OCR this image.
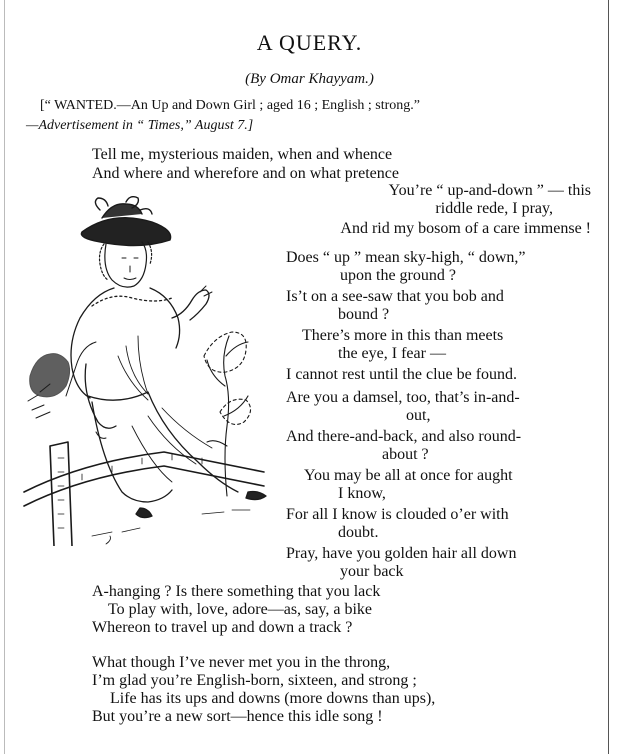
A QUERY.
(By Omar Khayyam.)
[“ WANTED.—An Up and Down Girl ; aged 16 ; English ; strong.”
—Advertisement in “ Times,” August 7.]
Tell me, mysterious maiden, when and whence
And where and wherefore and on what pretence
You’re “ up-and-down ” — this
riddle rede, I pray,
And rid my bosom of a care immense !
Does “ up ” mean sky-high, “ down,”
upon the ground ?
Is’t on a see-saw that you bob and
bound ?
There’s more in this than meets
the eye, I fear —
I cannot rest until the clue be found.
Are you a damsel, too, that’s in-and-
out,
And there-and-back, and also round-
about ?
You may be all at once for aught
I know,
For all I know is clouded o’er with
doubt.
Pray, have you golden hair all down
your back
A-hanging ? Is there something that you lack
To play with, love, adore—as, say, a bike
Whereon to travel up and down a track ?
What though I’ve never met you in the throng,
I’m glad you’re English-born, sixteen, and strong ;
Life has its ups and downs (more downs than ups),
But you’re a new sort—hence this idle song !
